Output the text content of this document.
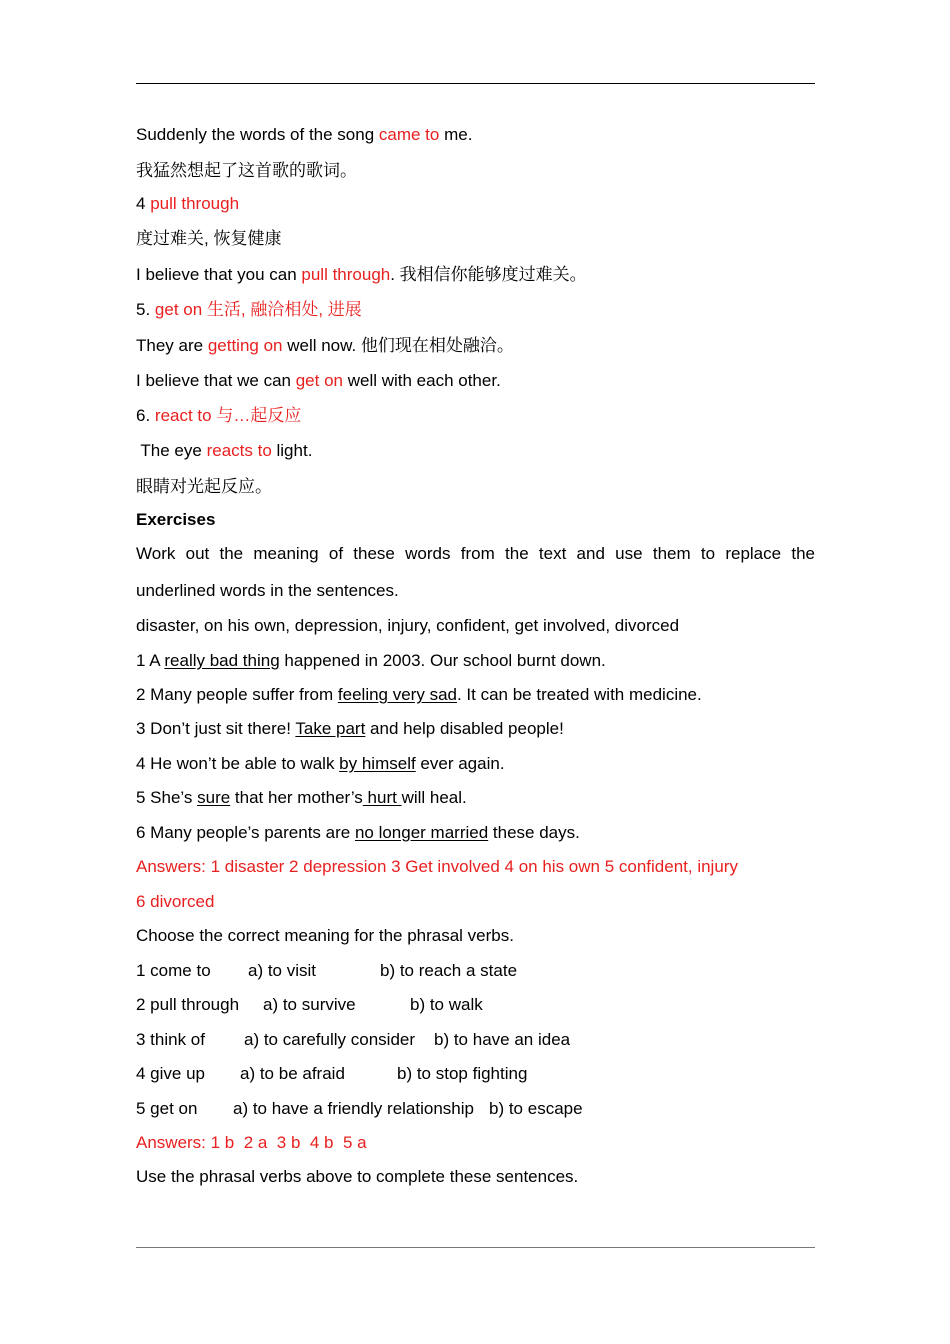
Suddenly the words of the song came to me.
我猛然想起了这首歌的歌词。
4 pull through
度过难关, 恢复健康
I believe that you can pull through. 我相信你能够度过难关。
5. get on 生活, 融洽相处, 进展
They are getting on well now. 他们现在相处融洽。
I believe that we can get on well with each other.
6. react to 与…起反应
The eye reacts to light.
眼睛对光起反应。
Exercises
Work out the meaning of these words from the text and use them to replace the
underlined words in the sentences.
disaster, on his own, depression, injury, confident, get involved, divorced
1 A really bad thing happened in 2003. Our school burnt down.
2 Many people suffer from feeling very sad. It can be treated with medicine.
3 Don’t just sit there! Take part and help disabled people!
4 He won’t be able to walk by himself ever again.
5 She’s sure that her mother’s hurt will heal.
6 Many people’s parents are no longer married these days.
Answers: 1 disaster 2 depression 3 Get involved 4 on his own 5 confident, injury
6 divorced
Choose the correct meaning for the phrasal verbs.
1 come to a) to visit	b) to reach a state
2 pull through a) to survive	b) to walk
3 think of a) to carefully consider b) to have an idea
4 give up a) to be afraid	b) to stop fighting
5 get on a) to have a friendly relationship b) to escape
Answers: 1 b  2 a  3 b  4 b  5 a
Use the phrasal verbs above to complete these sentences.
